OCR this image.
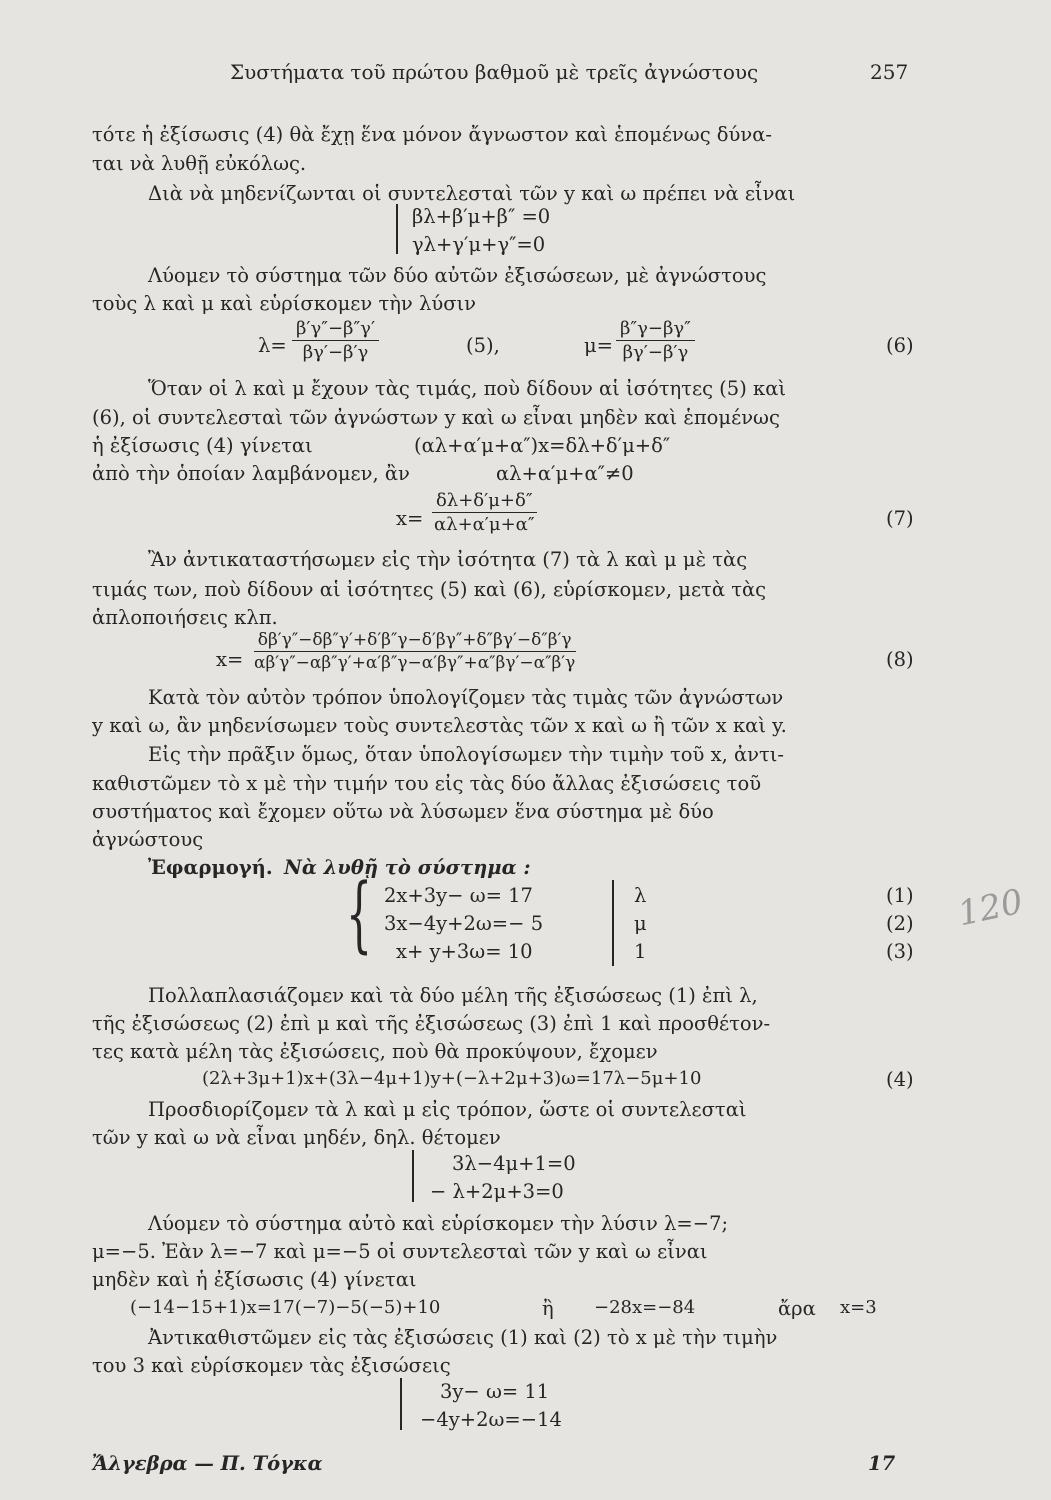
Συστήματα τοῦ πρώτου βαθμοῦ μὲ τρεῖς ἀγνώστους	257
τότε ἡ ἐξίσωσις (4) θὰ ἔχῃ ἕνα μόνον ἄγνωστον καὶ ἑπομένως δύνα-
ται νὰ λυθῇ εὐκόλως.
Διὰ νὰ μηδενίζωνται οἱ συντελεσταὶ τῶν y καὶ ω πρέπει νὰ εἶναι
βλ+β′μ+β″ =0
γλ+γ′μ+γ″=0
Λύομεν τὸ σύστημα τῶν δύο αὐτῶν ἐξισώσεων, μὲ ἀγνώστους
τοὺς λ καὶ μ καὶ εὑρίσκομεν τὴν λύσιν
$\lambda= \frac{\beta'\gamma''-\beta''\gamma'}{\beta\gamma'-\beta'\gamma}$	(5),	$\mu= \frac{\beta''\gamma-\beta\gamma''}{\beta\gamma'-\beta'\gamma}$	(6)
Ὅταν οἱ λ καὶ μ ἔχουν τὰς τιμάς, ποὺ δίδουν αἱ ἰσότητες (5) καὶ
(6), οἱ συντελεσταὶ τῶν ἀγνώστων y καὶ ω εἶναι μηδὲν καὶ ἑπομένως
ἡ ἐξίσωσις (4) γίνεται	(αλ+α′μ+α″)x=δλ+δ′μ+δ″
ἀπὸ τὴν ὁποίαν λαμβάνομεν, ἂν	αλ+α′μ+α″≠0
$x= \frac{\delta\lambda+\delta'\mu+\delta''}{\alpha\lambda+\alpha'\mu+\alpha''}$	(7)
Ἂν ἀντικαταστήσωμεν εἰς τὴν ἰσότητα (7) τὰ λ καὶ μ μὲ τὰς
τιμάς των, ποὺ δίδουν αἱ ἰσότητες (5) καὶ (6), εὑρίσκομεν, μετὰ τὰς
ἁπλοποιήσεις κλπ.
$x= \frac{\delta\beta'\gamma''-\delta\beta''\gamma'+\delta'\beta''\gamma-\delta'\beta\gamma''+\delta''\beta\gamma'-\delta''\beta'\gamma}{\alpha\beta'\gamma''-\alpha\beta''\gamma'+\alpha'\beta''\gamma-\alpha'\beta\gamma''+\alpha''\beta\gamma'-\alpha''\beta'\gamma}$	(8)
Κατὰ τὸν αὐτὸν τρόπον ὑπολογίζομεν τὰς τιμὰς τῶν ἀγνώστων
y καὶ ω, ἂν μηδενίσωμεν τοὺς συντελεστὰς τῶν x καὶ ω ἢ τῶν x καὶ y.
Εἰς τὴν πρᾶξιν ὅμως, ὅταν ὑπολογίσωμεν τὴν τιμὴν τοῦ x, ἀντι-
καθιστῶμεν τὸ x μὲ τὴν τιμήν του εἰς τὰς δύο ἄλλας ἐξισώσεις τοῦ
συστήματος καὶ ἔχομεν οὕτω νὰ λύσωμεν ἕνα σύστημα μὲ δύο
ἀγνώστους
Ἐφαρμογή. Νὰ λυθῇ τὸ σύστημα :
{ 2x+3y− ω= 17	λ	(1)
3x−4y+2ω=− 5	μ	(2)
x+ y+3ω= 10	1	(3)
120
Πολλαπλασιάζομεν καὶ τὰ δύο μέλη τῆς ἐξισώσεως (1) ἐπὶ λ,
τῆς ἐξισώσεως (2) ἐπὶ μ καὶ τῆς ἐξισώσεως (3) ἐπὶ 1 καὶ προσθέτον-
τες κατὰ μέλη τὰς ἐξισώσεις, ποὺ θὰ προκύψουν, ἔχομεν
(2λ+3μ+1)x+(3λ−4μ+1)y+(−λ+2μ+3)ω=17λ−5μ+10	(4)
Προσδιορίζομεν τὰ λ καὶ μ εἰς τρόπον, ὥστε οἱ συντελεσταὶ
τῶν y καὶ ω νὰ εἶναι μηδέν, δηλ. θέτομεν
3λ−4μ+1=0
− λ+2μ+3=0
Λύομεν τὸ σύστημα αὐτὸ καὶ εὑρίσκομεν τὴν λύσιν λ=−7;
μ=−5. Ἐὰν λ=−7 καὶ μ=−5 οἱ συντελεσταὶ τῶν y καὶ ω εἶναι
μηδὲν καὶ ἡ ἐξίσωσις (4) γίνεται
(−14−15+1)x=17(−7)−5(−5)+10	ἢ −28x=−84	ἄρα x=3
Ἀντικαθιστῶμεν εἰς τὰς ἐξισώσεις (1) καὶ (2) τὸ x μὲ τὴν τιμὴν
του 3 καὶ εὑρίσκομεν τὰς ἐξισώσεις
3y− ω= 11
−4y+2ω=−14
Ἄλγεβρα — Π. Τόγκα	17
